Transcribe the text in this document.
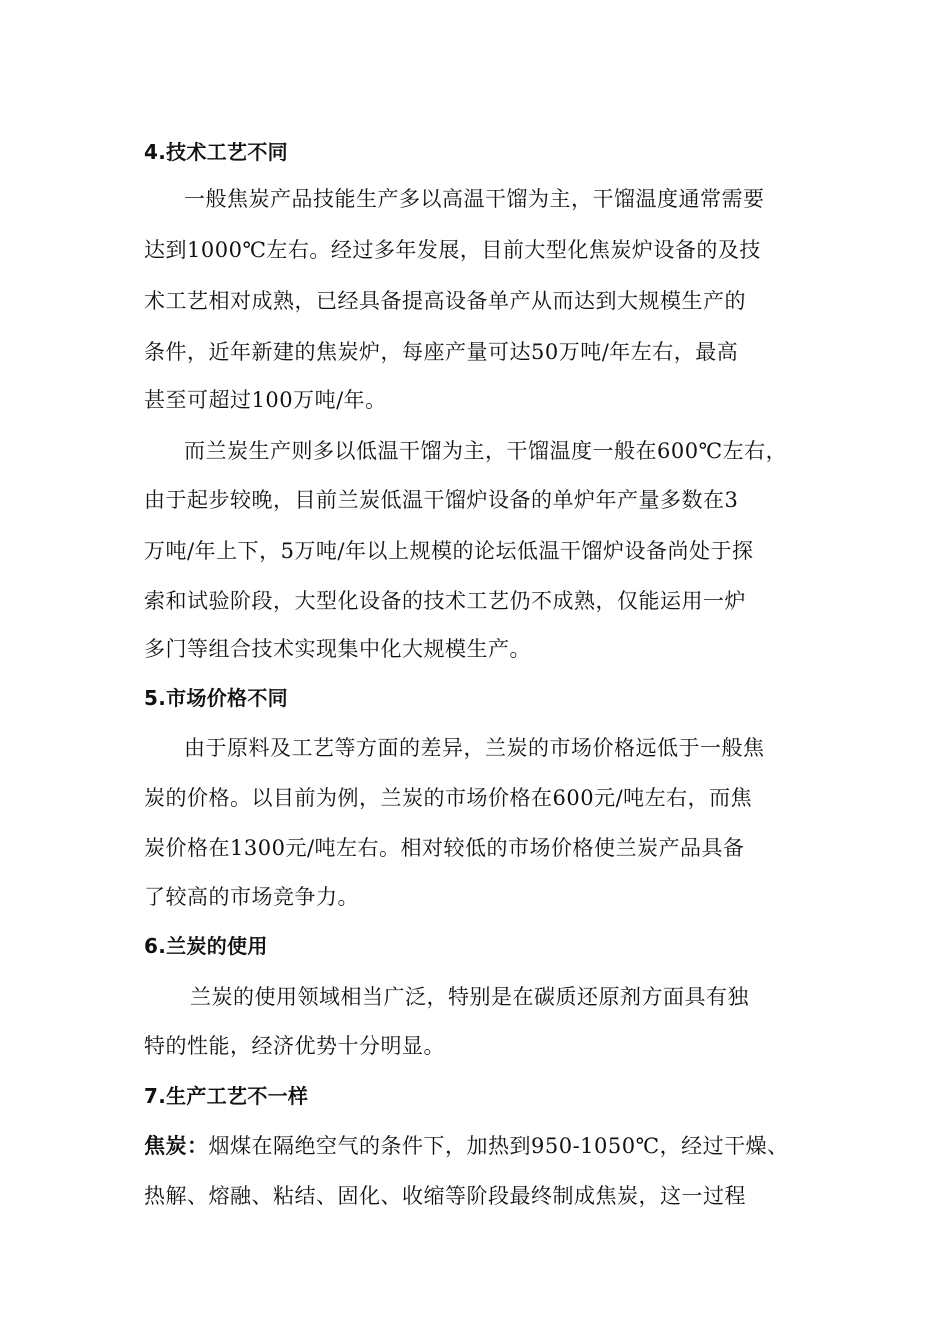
4.技术工艺不同
一般焦炭产品技能生产多以高温干馏为主，干馏温度通常需要
达到1000℃左右。经过多年发展，目前大型化焦炭炉设备的及技
术工艺相对成熟，已经具备提高设备单产从而达到大规模生产的
条件，近年新建的焦炭炉，每座产量可达50万吨/年左右，最高
甚至可超过100万吨/年。
而兰炭生产则多以低温干馏为主，干馏温度一般在600℃左右，
由于起步较晚，目前兰炭低温干馏炉设备的单炉年产量多数在3
万吨/年上下，5万吨/年以上规模的论坛低温干馏炉设备尚处于探
索和试验阶段，大型化设备的技术工艺仍不成熟，仅能运用一炉
多门等组合技术实现集中化大规模生产。
5.市场价格不同
由于原料及工艺等方面的差异，兰炭的市场价格远低于一般焦
炭的价格。以目前为例，兰炭的市场价格在600元/吨左右，而焦
炭价格在1300元/吨左右。相对较低的市场价格使兰炭产品具备
了较高的市场竞争力。
6.兰炭的使用
兰炭的使用领域相当广泛，特别是在碳质还原剂方面具有独
特的性能，经济优势十分明显。
7.生产工艺不一样
焦炭：烟煤在隔绝空气的条件下，加热到950-1050℃，经过干燥、
热解、熔融、粘结、固化、收缩等阶段最终制成焦炭，这一过程
